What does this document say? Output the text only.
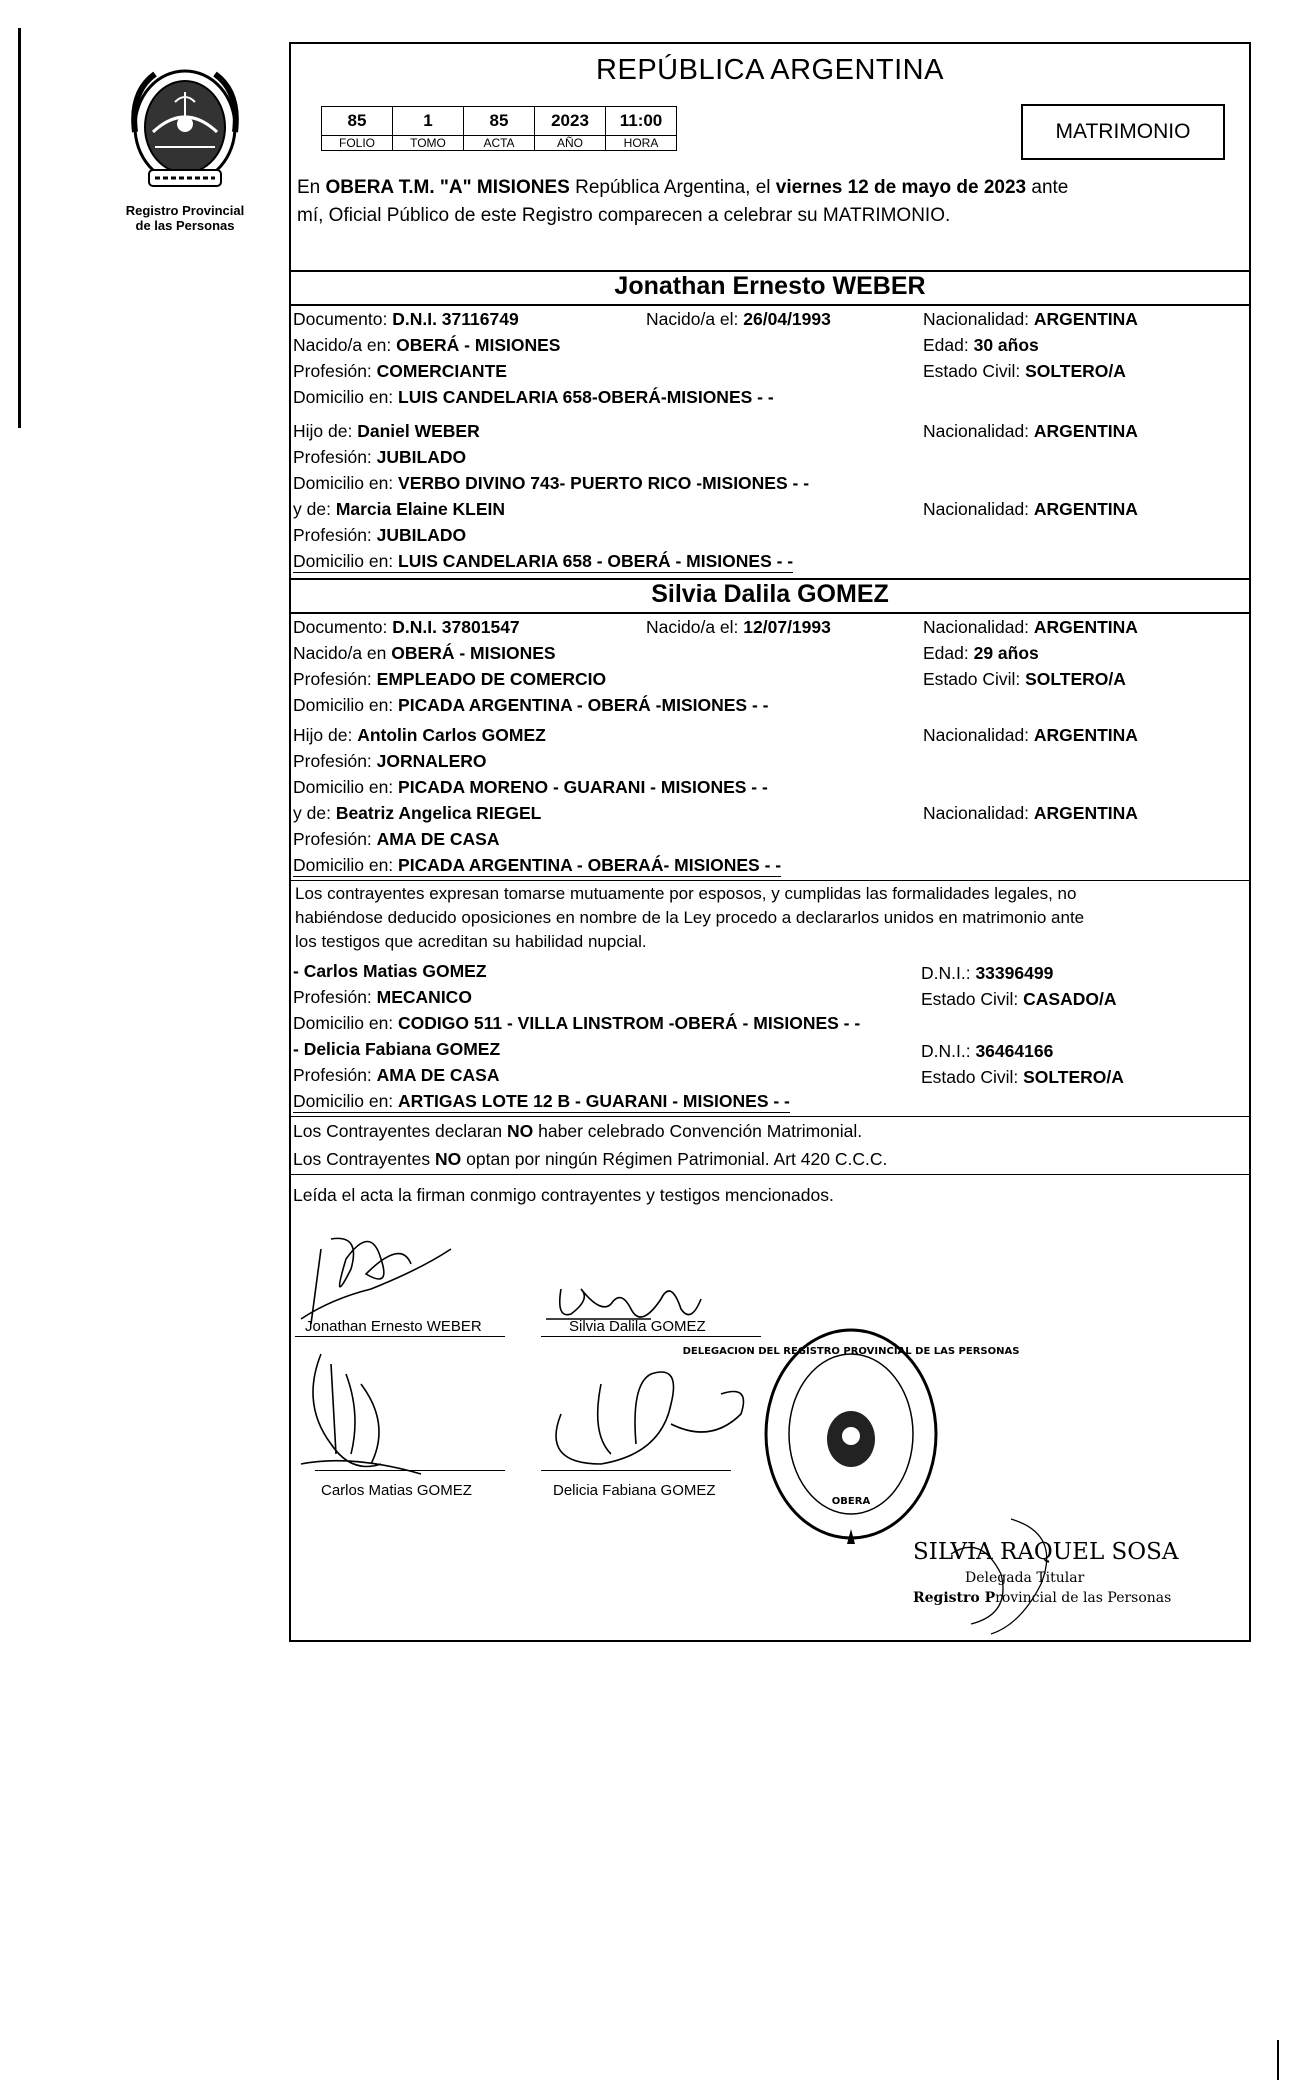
Registro Provincial
de las Personas
REPÚBLICA ARGENTINA
85	1	85	2023	11:00
FOLIO	TOMO	ACTA	AÑO	HORA	MATRIMONIO
En OBERA T.M. "A" MISIONES República Argentina, el viernes 12 de mayo de 2023 ante
mí, Oficial Público de este Registro comparecen a celebrar su MATRIMONIO.
Jonathan Ernesto WEBER
Documento: D.N.I. 37116749	Nacido/a el: 26/04/1993	Nacionalidad: ARGENTINA
Nacido/a en: OBERÁ - MISIONES	Edad: 30 años
Profesión: COMERCIANTE	Estado Civil: SOLTERO/A
Domicilio en: LUIS CANDELARIA 658-OBERÁ-MISIONES - -
Hijo de: Daniel WEBER	Nacionalidad: ARGENTINA
Profesión: JUBILADO
Domicilio en: VERBO DIVINO 743- PUERTO RICO -MISIONES - -
y de: Marcia Elaine KLEIN	Nacionalidad: ARGENTINA
Profesión: JUBILADO
Domicilio en: LUIS CANDELARIA 658 - OBERÁ - MISIONES - -
Silvia Dalila GOMEZ
Documento: D.N.I. 37801547	Nacido/a el: 12/07/1993	Nacionalidad: ARGENTINA
Nacido/a en OBERÁ - MISIONES	Edad: 29 años
Profesión: EMPLEADO DE COMERCIO	Estado Civil: SOLTERO/A
Domicilio en: PICADA ARGENTINA - OBERÁ -MISIONES - -
Hijo de: Antolin Carlos GOMEZ	Nacionalidad: ARGENTINA
Profesión: JORNALERO
Domicilio en: PICADA MORENO - GUARANI - MISIONES - -
y de: Beatriz Angelica RIEGEL	Nacionalidad: ARGENTINA
Profesión: AMA DE CASA
Domicilio en: PICADA ARGENTINA - OBERAÁ- MISIONES - -
Los contrayentes expresan tomarse mutuamente por esposos, y cumplidas las formalidades legales, no
habiéndose deducido oposiciones en nombre de la Ley procedo a declararlos unidos en matrimonio ante
los testigos que acreditan su habilidad nupcial.
- Carlos Matias GOMEZ	D.N.I.: 33396499
Profesión: MECANICO	Estado Civil: CASADO/A
Domicilio en: CODIGO 511 - VILLA LINSTROM -OBERÁ - MISIONES - -
- Delicia Fabiana GOMEZ	D.N.I.: 36464166
Profesión: AMA DE CASA	Estado Civil: SOLTERO/A
Domicilio en: ARTIGAS LOTE 12 B - GUARANI - MISIONES - -
Los Contrayentes declaran NO haber celebrado Convención Matrimonial.
Los Contrayentes NO optan por ningún Régimen Patrimonial. Art 420 C.C.C.
Leída el acta la firman conmigo contrayentes y testigos mencionados.
Jonathan Ernesto WEBER	Silvia Dalila GOMEZ
Carlos Matias GOMEZ	Delicia Fabiana GOMEZ
DELEGACION DEL REGISTRO PROVINCIAL DE LAS PERSONAS
OBERA
SILVIA RAQUEL SOSA
Delegada Titular
Registro Provincial de las Personas
